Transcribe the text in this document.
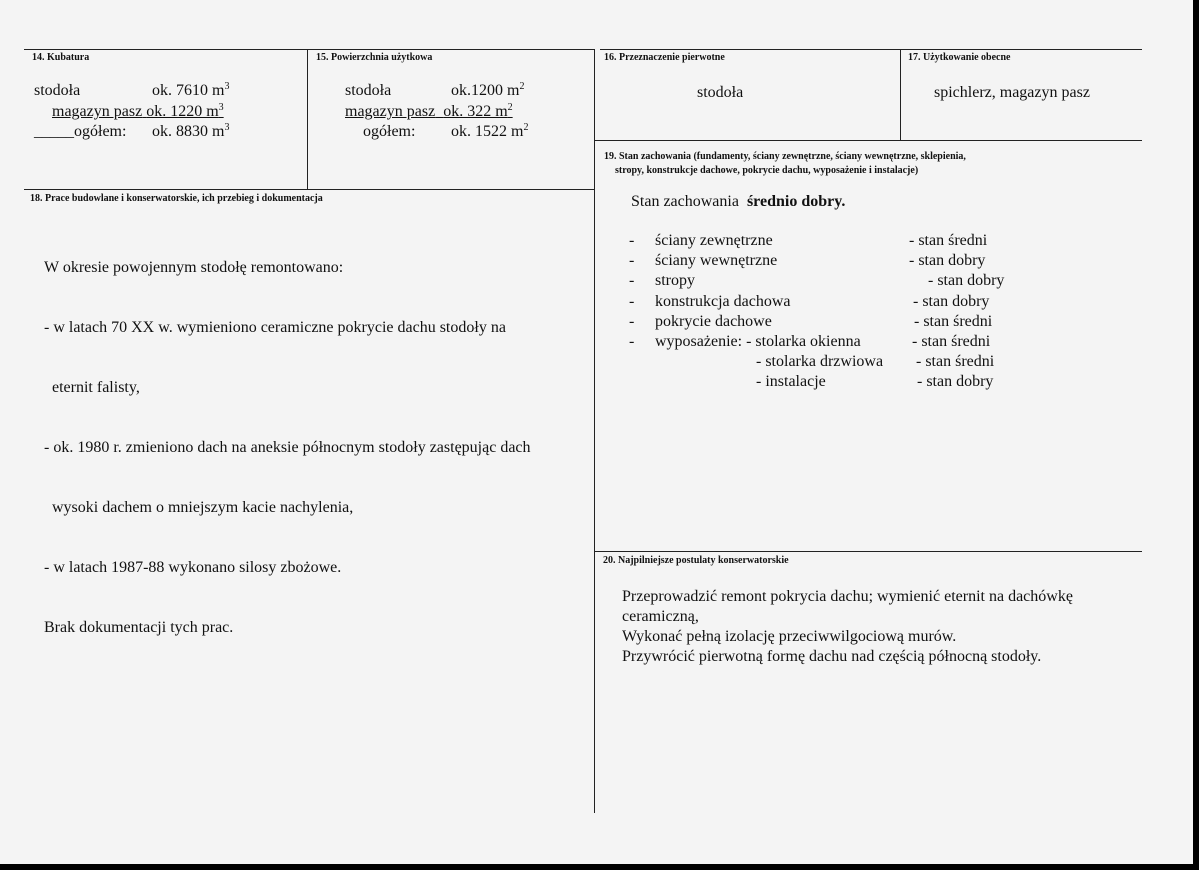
14. Kubatura
stodoła	ok. 7610 $m^3$
magazyn pasz ok. 1220 $m^3$
_____ogółem: ok. 8830 $m^3$
15. Powierzchnia użytkowa
stodoła	ok.1200 $m^2$
magazyn pasz ok. 322 $m^2$
ogółem: ok. 1522 $m^2$
16. Przeznaczenie pierwotne
stodoła
17. Użytkowanie obecne
spichlerz, magazyn pasz
18. Prace budowlane i konserwatorskie, ich przebieg i dokumentacja

W okresie powojennym stodołę remontowano:

- w latach 70 XX w. wymieniono ceramiczne pokrycie dachu stodoły na

eternit falisty,

- ok. 1980 r. zmieniono dach na aneksie północnym stodoły zastępując dach

wysoki dachem o mniejszym kacie nachylenia,

- w latach 1987-88 wykonano silosy zbożowe.

Brak dokumentacji tych prac.

19. Stan zachowania (fundamenty, ściany zewnętrzne, ściany wewnętrzne, sklepienia,
stropy, konstrukcje dachowe, pokrycie dachu, wyposażenie i instalacje)
Stan zachowania średnio dobry.
- ściany zewnętrzne	- stan średni
- ściany wewnętrzne	- stan dobry
- stropy	- stan dobry
- konstrukcja dachowa	- stan dobry
- pokrycie dachowe	- stan średni
- wyposażenie: - stolarka okienna	- stan średni
- stolarka drzwiowa - stan średni
- instalacje	- stan dobry
20. Najpilniejsze postulaty konserwatorskie
Przeprowadzić remont pokrycia dachu; wymienić eternit na dachówkę
ceramiczną,
Wykonać pełną izolację przeciwwilgociową murów.
Przywrócić pierwotną formę dachu nad częścią północną stodoły.
